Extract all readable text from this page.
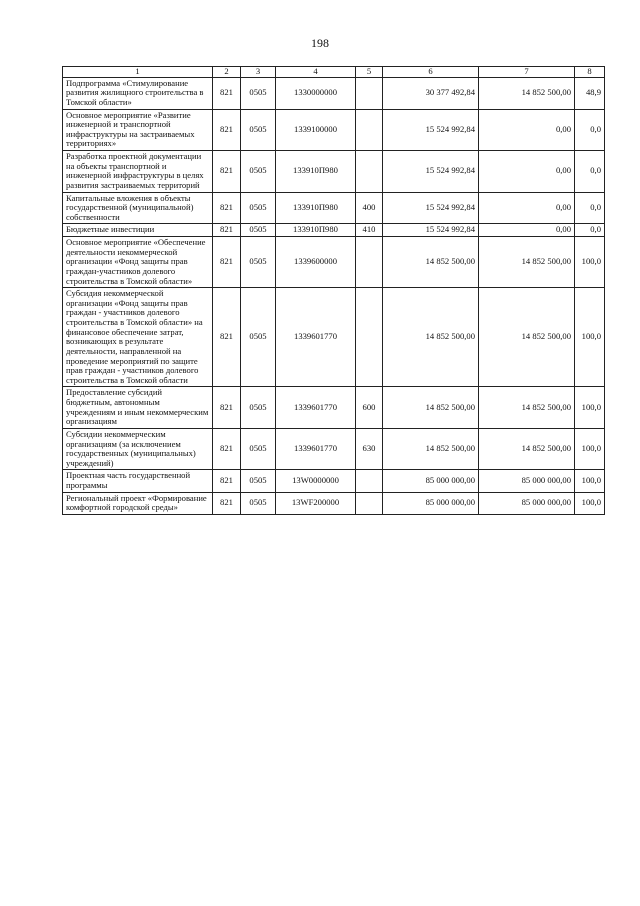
198
1	2	3	4	5	6	7	8
Подпрограмма «Стимулирование развития жилищного строительства в Томской области»	821	0505	1330000000		30 377 492,84	14 852 500,00	48,9
Основное мероприятие «Развитие инженерной и транспортной инфраструктуры на застраиваемых территориях»	821	0505	1339100000		15 524 992,84	0,00	0,0
Разработка проектной документации на объекты транспортной и инженерной инфраструктуры в целях развития застраиваемых территорий	821	0505	133910П980		15 524 992,84	0,00	0,0
Капитальные вложения в объекты государственной (муниципальной) собственности	821	0505	133910П980	400	15 524 992,84	0,00	0,0
Бюджетные инвестиции	821	0505	133910П980	410	15 524 992,84	0,00	0,0
Основное мероприятие «Обеспечение деятельности некоммерческой организации «Фонд защиты прав граждан-участников долевого строительства в Томской области»	821	0505	1339600000		14 852 500,00	14 852 500,00	100,0
Субсидия некоммерческой организации «Фонд защиты прав граждан - участников долевого строительства в Томской области» на финансовое обеспечение затрат, возникающих в результате деятельности, направленной на проведение мероприятий по защите прав граждан - участников долевого строительства в Томской области	821	0505	1339601770		14 852 500,00	14 852 500,00	100,0
Предоставление субсидий бюджетным, автономным учреждениям и иным некоммерческим организациям	821	0505	1339601770	600	14 852 500,00	14 852 500,00	100,0
Субсидии некоммерческим организациям (за исключением государственных (муниципальных) учреждений)	821	0505	1339601770	630	14 852 500,00	14 852 500,00	100,0
Проектная часть государственной программы	821	0505	13W0000000		85 000 000,00	85 000 000,00	100,0
Региональный проект «Формирование комфортной городской среды»	821	0505	13WF200000		85 000 000,00	85 000 000,00	100,0
